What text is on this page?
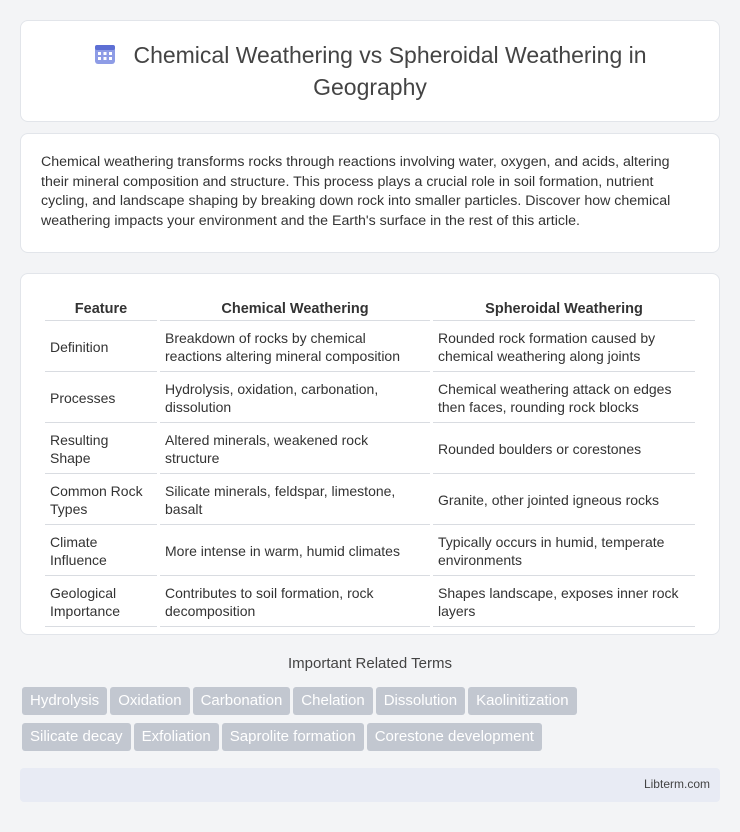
Chemical Weathering vs Spheroidal Weathering in Geography

Chemical weathering transforms rocks through reactions involving water, oxygen, and acids, altering their mineral composition and structure. This process plays a crucial role in soil formation, nutrient cycling, and landscape shaping by breaking down rock into smaller particles. Discover how chemical weathering impacts your environment and the Earth's surface in the rest of this article.

Feature	Chemical Weathering	Spheroidal Weathering
Definition	Breakdown of rocks by chemical reactions altering mineral composition	Rounded rock formation caused by chemical weathering along joints
Processes	Hydrolysis, oxidation, carbonation, dissolution	Chemical weathering attack on edges then faces, rounding rock blocks
Resulting Shape	Altered minerals, weakened rock structure	Rounded boulders or corestones
Common Rock Types	Silicate minerals, feldspar, limestone, basalt	Granite, other jointed igneous rocks
Climate Influence	More intense in warm, humid climates	Typically occurs in humid, temperate environments
Geological Importance	Contributes to soil formation, rock decomposition	Shapes landscape, exposes inner rock layers
Important Related Terms
Hydrolysis Oxidation Carbonation Chelation Dissolution Kaolinitization
Silicate decay Exfoliation Saprolite formation Corestone development
Libterm.com
